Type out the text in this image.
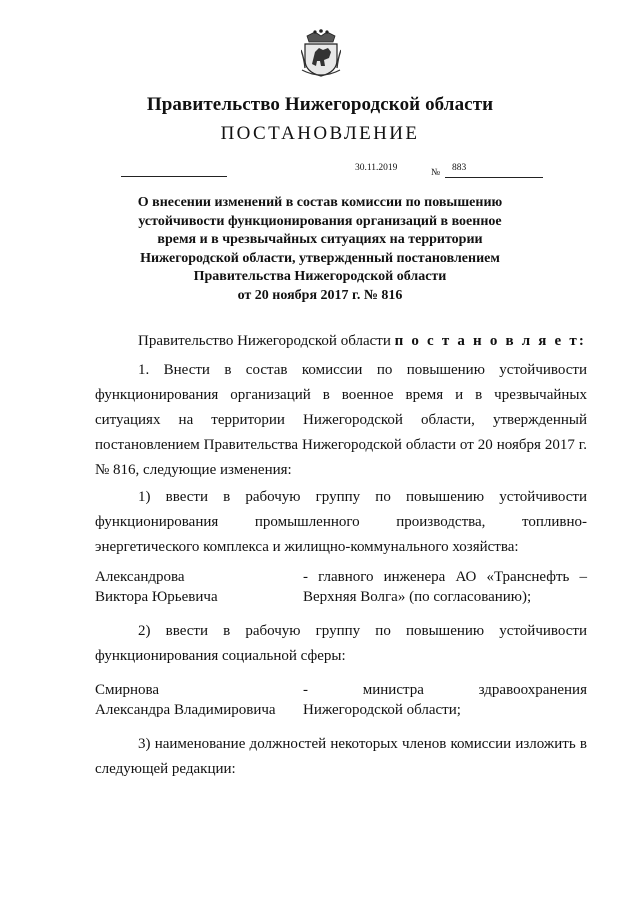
Правительство Нижегородской области
ПОСТАНОВЛЕНИЕ
30.11.2019	№ 883
О внесении изменений в состав комиссии по повышению
устойчивости функционирования организаций в военное
время и в чрезвычайных ситуациях на территории
Нижегородской области, утвержденный постановлением
Правительства Нижегородской области
от 20 ноября 2017 г. № 816
Правительство Нижегородской области п о с т а н о в л я е т:
1. Внести в состав комиссии по повышению устойчивости функционирования организаций в военное время и в чрезвычайных ситуациях на территории Нижегородской области, утвержденный постановлением Правительства Нижегородской области от 20 ноября 2017 г. № 816, следующие изменения:
1) ввести в рабочую группу по повышению устойчивости функционирования промышленного производства, топливно-энергетического комплекса и жилищно-коммунального хозяйства:
Александрова
Виктора Юрьевича
- главного инженера АО «Транснефть –
Верхняя Волга» (по согласованию);
2) ввести в рабочую группу по повышению устойчивости функционирования социальной сферы:
Смирнова
Александра Владимировича
-	министра	здравоохранения
Нижегородской области;
3) наименование должностей некоторых членов комиссии изложить в следующей редакции:
